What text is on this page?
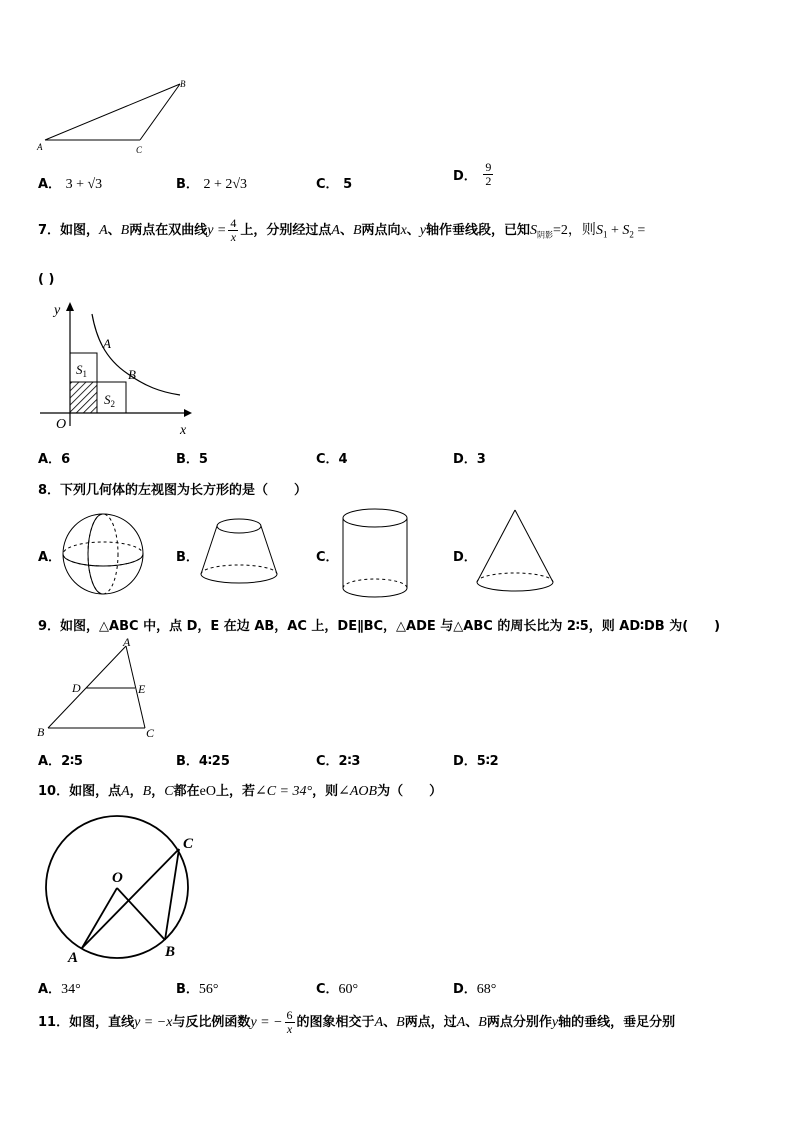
B
A	C
A． 3 + √3	B． 2 + 2√3	C． 5
D． $\frac{9}{2}$
7．如图，A、B两点在双曲线$y = \frac{4}{x}$ 上，分别经过点A、B两点向x、y轴作垂线段，已知$S_{阴影}=2$，则$S_1 + S_2$ =
( )
y
x
O
A
B
$S_1$
$S_2$
A．6	B．5	C．4	D．3
8．下列几何体的左视图为长方形的是（　　）
A．	B．	C．	D．
9．如图，△ABC 中，点 D，E 在边 AB，AC 上，DE∥BC，△ADE 与△ABC 的周长比为 2∶5，则 AD∶DB 为(　　)
A
D	E
B	C
A．2∶5	B．4∶25	C．2∶3	D．5∶2
10．如图，点A，B，C都在eO上，若∠C = 34°，则∠AOB为（　　）
O
A	B
C
A．34°	B．56°	C．60°	D．68°
11．如图，直线y = −x与反比例函数y = − $\frac{6}{x}$ 的图象相交于A、B两点，过A、B两点分别作y轴的垂线，垂足分别
